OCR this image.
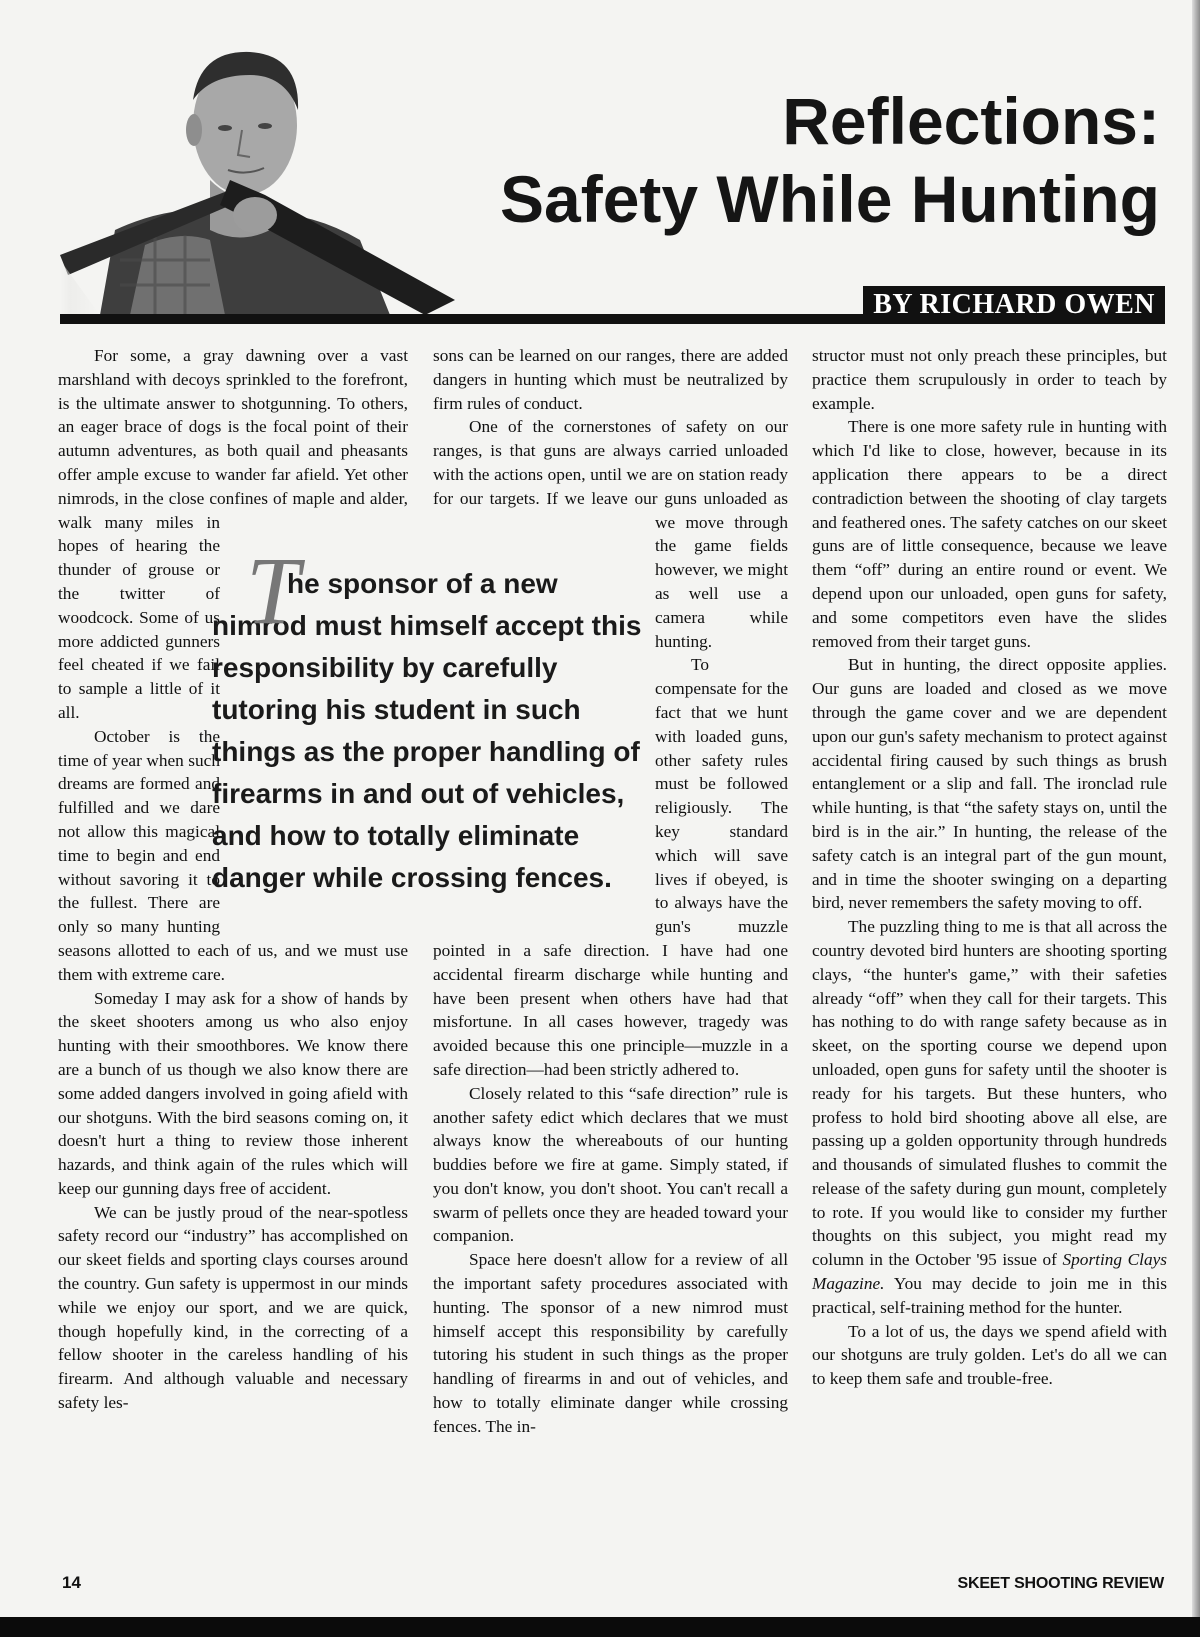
Reflections:
Safety While Hunting
BY RICHARD OWEN

For some, a gray dawning over a vast marshland with decoys sprinkled to the forefront, is the ultimate answer to shotgunning. To others, an eager brace of dogs is the focal point of their autumn adventures, as both quail and pheasants offer ample excuse to wander far afield. Yet other nimrods, in the close confines of maple and alder, walk many miles in hopes of hearing the thunder of grouse or the twitter of woodcock. Some of us more addicted gunners feel cheated if we fail to sample a little of it all.

October is the time of year when such dreams are formed and fulfilled and we dare not allow this magical time to begin and end without savoring it to the fullest. There are only so many hunting seasons allotted to each of us, and we must use them with extreme care.

Someday I may ask for a show of hands by the skeet shooters among us who also enjoy hunting with their smoothbores. We know there are a bunch of us though we also know there are some added dangers involved in going afield with our shotguns. With the bird seasons coming on, it doesn't hurt a thing to review those inherent hazards, and think again of the rules which will keep our gunning days free of accident.

We can be justly proud of the near-spotless safety record our “industry” has accomplished on our skeet fields and sporting clays courses around the country. Gun safety is uppermost in our minds while we enjoy our sport, and we are quick, though hopefully kind, in the correcting of a fellow shooter in the careless handling of his firearm. And although valuable and necessary safety les-

sons can be learned on our ranges, there are added dangers in hunting which must be neutralized by firm rules of conduct.

One of the cornerstones of safety on our ranges, is that guns are always carried unloaded with the actions open, until we are on station ready for our targets. If we leave our guns unloaded as we move through the game fields however, we might as well use a camera while hunting.

To compensate for the fact that we hunt with loaded guns, other safety rules must be followed religiously. The key standard which will save lives if obeyed, is to always have the gun's muzzle pointed in a safe direction. I have had one accidental firearm discharge while hunting and have been present when others have had that misfortune. In all cases however, tragedy was avoided because this one principle—muzzle in a safe direction—had been strictly adhered to.

Closely related to this “safe direction” rule is another safety edict which declares that we must always know the whereabouts of our hunting buddies before we fire at game. Simply stated, if you don't know, you don't shoot. You can't recall a swarm of pellets once they are headed toward your companion.

Space here doesn't allow for a review of all the important safety procedures associated with hunting. The sponsor of a new nimrod must himself accept this responsibility by carefully tutoring his student in such things as the proper handling of firearms in and out of vehicles, and how to totally eliminate danger while crossing fences. The in-

structor must not only preach these principles, but practice them scrupulously in order to teach by example.

There is one more safety rule in hunting with which I'd like to close, however, because in its application there appears to be a direct contradiction between the shooting of clay targets and feathered ones. The safety catches on our skeet guns are of little consequence, because we leave them “off” during an entire round or event. We depend upon our unloaded, open guns for safety, and some competitors even have the slides removed from their target guns.

But in hunting, the direct opposite applies. Our guns are loaded and closed as we move through the game cover and we are dependent upon our gun's safety mechanism to protect against accidental firing caused by such things as brush entanglement or a slip and fall. The ironclad rule while hunting, is that “the safety stays on, until the bird is in the air.” In hunting, the release of the safety catch is an integral part of the gun mount, and in time the shooter swinging on a departing bird, never remembers the safety moving to off.

The puzzling thing to me is that all across the country devoted bird hunters are shooting sporting clays, “the hunter's game,” with their safeties already “off” when they call for their targets. This has nothing to do with range safety because as in skeet, on the sporting course we depend upon unloaded, open guns for safety until the shooter is ready for his targets. But these hunters, who profess to hold bird shooting above all else, are passing up a golden opportunity through hundreds and thousands of simulated flushes to commit the release of the safety during gun mount, completely to rote. If you would like to consider my further thoughts on this subject, you might read my column in the October '95 issue of Sporting Clays Magazine. You may decide to join me in this practical, self-training method for the hunter.

To a lot of us, the days we spend afield with our shotguns are truly golden. Let's do all we can to keep them safe and trouble-free.

T
he sponsor of a new
nimrod must himself accept this
responsibility by carefully
tutoring his student in such
things as the proper handling of
firearms in and out of vehicles,
and how to totally eliminate
danger while crossing fences.
14	SKEET SHOOTING REVIEW
